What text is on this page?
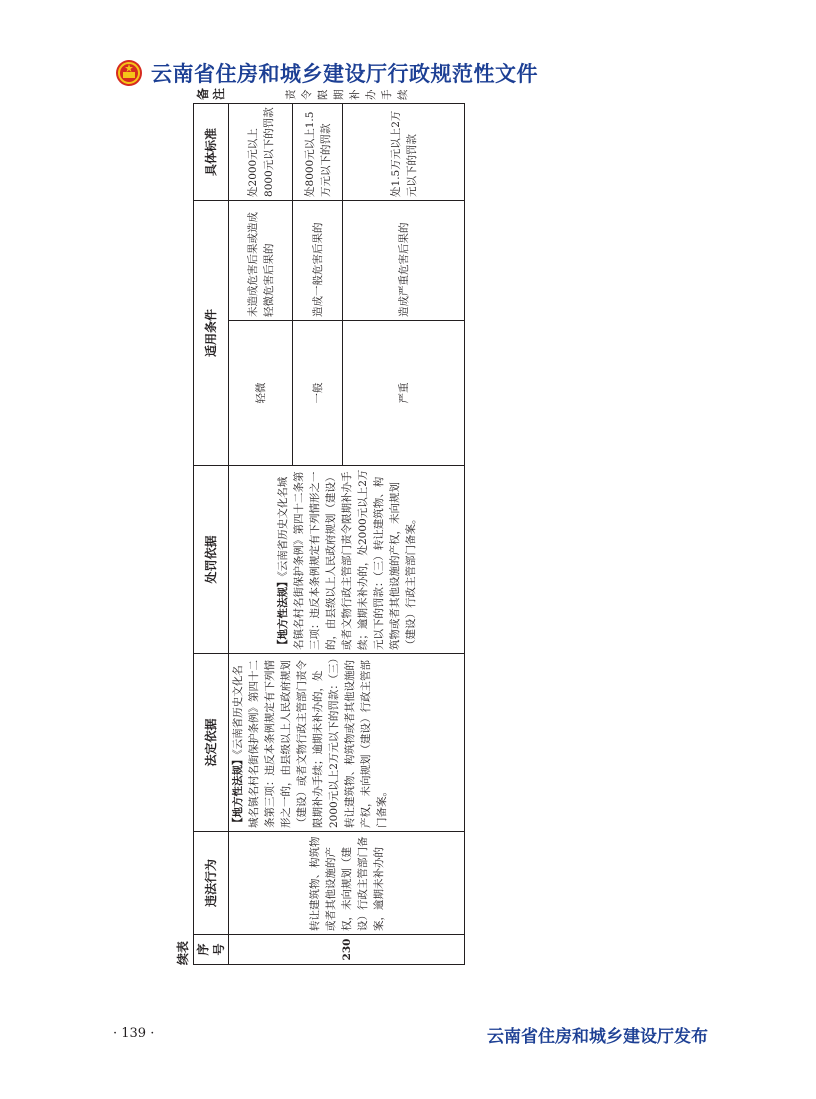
云南省住房和城乡建设厅行政规范性文件
续表 序号	违法行为	法定依据	处罚依据	适用条件		具体标准	备注
230	转让建筑物、构筑物或者其他设施的产权，未向规划（建设）行政主管部门备案，逾期未补办的	【地方性法规】《云南省历史文化名城名镇名村名街保护条例》第四十二条第三项：违反本条例规定有下列情形之一的，由县级以上人民政府规划（建设）或者文物行政主管部门责令限期补办手续；逾期未补办的，处2000元以上2万元以下的罚款：（三）转让建筑物、构筑物或者其他设施的产权，未向规划（建设）行政主管部门备案。	【地方性法规】《云南省历史文化名城名镇名村名街保护条例》第四十二条第三项：违反本条例规定有下列情形之一的，由县级以上人民政府规划（建设）或者文物行政主管部门责令限期补办手续；逾期未补办的，处2000元以上2万元以下的罚款：（三）转让建筑物、构筑物或者其他设施的产权，未向规划（建设）行政主管部门备案。	轻微	未造成危害后果或造成轻微危害后果的	处2000元以上8000元以下的罚款	责令限期补办手续
				一般	造成一般危害后果的	处8000元以上1.5万元以下的罚款	
				严重	造成严重危害后果的	处1.5万元以上2万元以下的罚款	
· 139 ·	云南省住房和城乡建设厅发布
